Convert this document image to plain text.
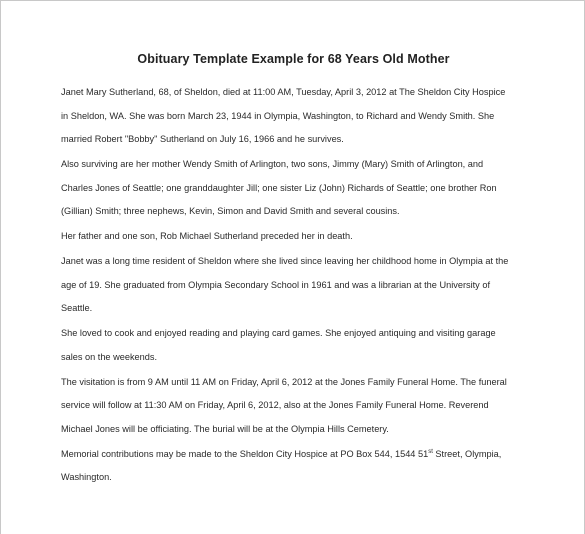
Obituary Template Example for 68 Years Old Mother

Janet Mary Sutherland, 68, of Sheldon, died at 11:00 AM, Tuesday, April 3, 2012 at The Sheldon City Hospice
in Sheldon, WA. She was born March 23, 1944 in Olympia, Washington, to Richard and Wendy Smith. She
married Robert "Bobby" Sutherland on July 16, 1966 and he survives.

Also surviving are her mother Wendy Smith of Arlington, two sons, Jimmy (Mary) Smith of Arlington, and
Charles Jones of Seattle; one granddaughter Jill; one sister Liz (John) Richards of Seattle; one brother Ron
(Gillian) Smith; three nephews, Kevin, Simon and David Smith and several cousins.

Her father and one son, Rob Michael Sutherland preceded her in death.

Janet was a long time resident of Sheldon where she lived since leaving her childhood home in Olympia at the
age of 19. She graduated from Olympia Secondary School in 1961 and was a librarian at the University of
Seattle.

She loved to cook and enjoyed reading and playing card games. She enjoyed antiquing and visiting garage
sales on the weekends.

The visitation is from 9 AM until 11 AM on Friday, April 6, 2012 at the Jones Family Funeral Home. The funeral
service will follow at 11:30 AM on Friday, April 6, 2012, also at the Jones Family Funeral Home. Reverend
Michael Jones will be officiating. The burial will be at the Olympia Hills Cemetery.

Memorial contributions may be made to the Sheldon City Hospice at PO Box 544, 1544 51st Street, Olympia,
Washington.
